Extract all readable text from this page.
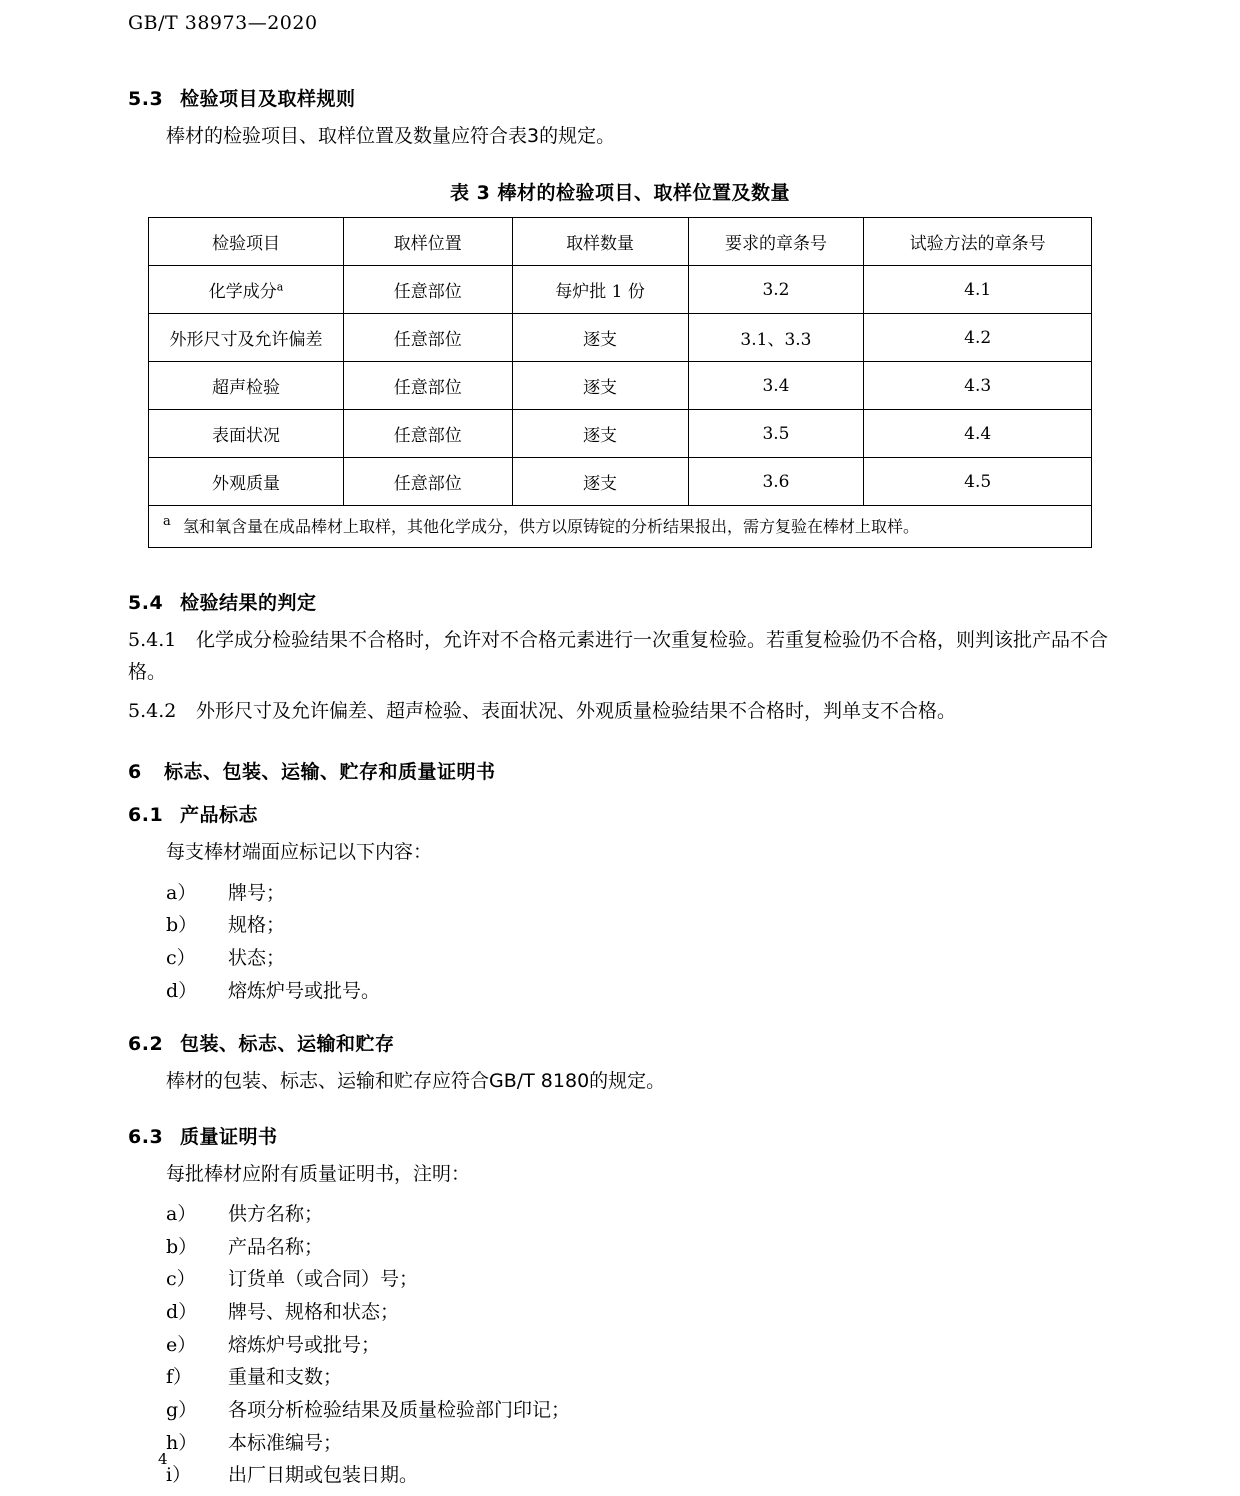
GB/T 38973—2020
5.3 检验项目及取样规则
棒材的检验项目、取样位置及数量应符合表3的规定。
表 3 棒材的检验项目、取样位置及数量
检验项目	取样位置	取样数量	要求的章条号	试验方法的章条号
化学成分$^a$	任意部位	每炉批 1 份	3.2	4.1
外形尺寸及允许偏差	任意部位	逐支	3.1、3.3	4.2
超声检验	任意部位	逐支	3.4	4.3
表面状况	任意部位	逐支	3.5	4.4
外观质量	任意部位	逐支	3.6	4.5

a 氢和氧含量在成品棒材上取样，其他化学成分，供方以原铸锭的分析结果报出，需方复验在棒材上取样。				
5.4 检验结果的判定
5.4.1 化学成分检验结果不合格时，允许对不合格元素进行一次重复检验。若重复检验仍不合格，则判该批产品不合格。
5.4.2 外形尺寸及允许偏差、超声检验、表面状况、外观质量检验结果不合格时，判单支不合格。
6 标志、包装、运输、贮存和质量证明书
6.1 产品标志
每支棒材端面应标记以下内容：
a）	牌号；
b）	规格；
c）	状态；
d）	熔炼炉号或批号。
6.2 包装、标志、运输和贮存
棒材的包装、标志、运输和贮存应符合GB/T 8180的规定。
6.3 质量证明书
每批棒材应附有质量证明书，注明：
a）	供方名称；
b）	产品名称；
c）	订货单（或合同）号；
d）	牌号、规格和状态；
e）	熔炼炉号或批号；
f）	重量和支数；
g）	各项分析检验结果及质量检验部门印记；
h）	本标准编号；
i）	出厂日期或包装日期。
4
